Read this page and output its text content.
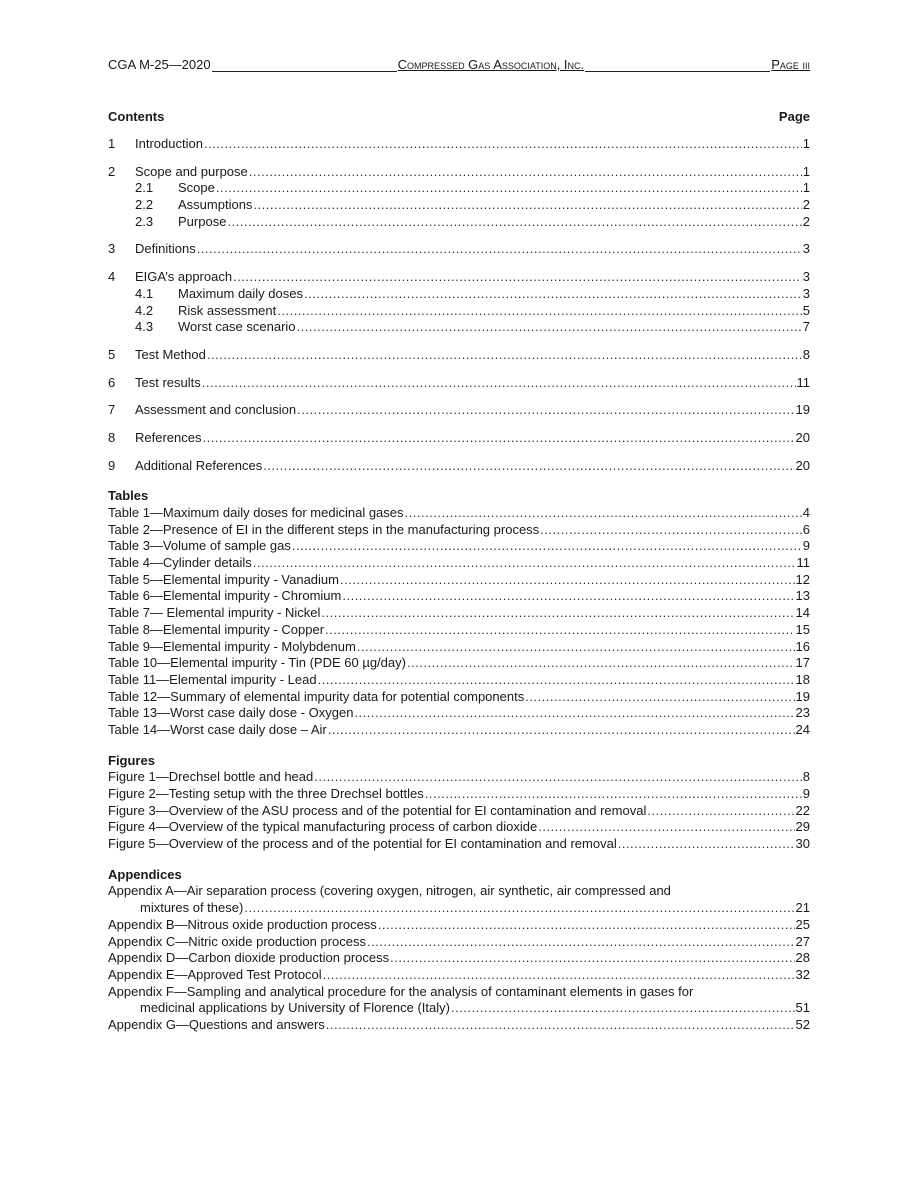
CGA M-25—2020	Compressed Gas Association, Inc.	Page iii
Contents	Page
1	Introduction .....	1
2	Scope and purpose .....	1
2.1	Scope .....	1
2.2	Assumptions .....	2
2.3	Purpose .....	2
3	Definitions .....	3
4	EIGA’s approach .....	3
4.1	Maximum daily doses .....	3
4.2	Risk assessment .....	5
4.3	Worst case scenario .....	7
5	Test Method .....	8
6	Test results .....	11
7	Assessment and conclusion .....	19
8	References .....	20
9	Additional References .....	20
Tables
Table 1—Maximum daily doses for medicinal gases .....	4
Table 2—Presence of EI in the different steps in the manufacturing process .....	6
Table 3—Volume of sample gas .....	9
Table 4—Cylinder details .....	11
Table 5—Elemental impurity - Vanadium .....	12
Table 6—Elemental impurity - Chromium .....	13
Table 7— Elemental impurity - Nickel .....	14
Table 8—Elemental impurity - Copper .....	15
Table 9—Elemental impurity - Molybdenum .....	16
Table 10—Elemental impurity - Tin (PDE 60 µg/day) .....	17
Table 11—Elemental impurity - Lead .....	18
Table 12—Summary of elemental impurity data for potential components .....	19
Table 13—Worst case daily dose - Oxygen .....	23
Table 14—Worst case daily dose – Air .....	24
Figures
Figure 1—Drechsel bottle and head .....	8
Figure 2—Testing setup with the three Drechsel bottles .....	9
Figure 3—Overview of the ASU process and of the potential for EI contamination and removal .....	22
Figure 4—Overview of the typical manufacturing process of carbon dioxide .....	29
Figure 5—Overview of the process and of the potential for EI contamination and removal .....	30
Appendices
Appendix A—Air separation process (covering oxygen, nitrogen, air synthetic, air compressed and
mixtures of these) .....	21
Appendix B—Nitrous oxide production process .....	25
Appendix C—Nitric oxide production process .....	27
Appendix D—Carbon dioxide production process .....	28
Appendix E—Approved Test Protocol .....	32
Appendix F—Sampling and analytical procedure for the analysis of contaminant elements in gases for
medicinal applications by University of Florence (Italy) .....	51
Appendix G—Questions and answers .....	52
